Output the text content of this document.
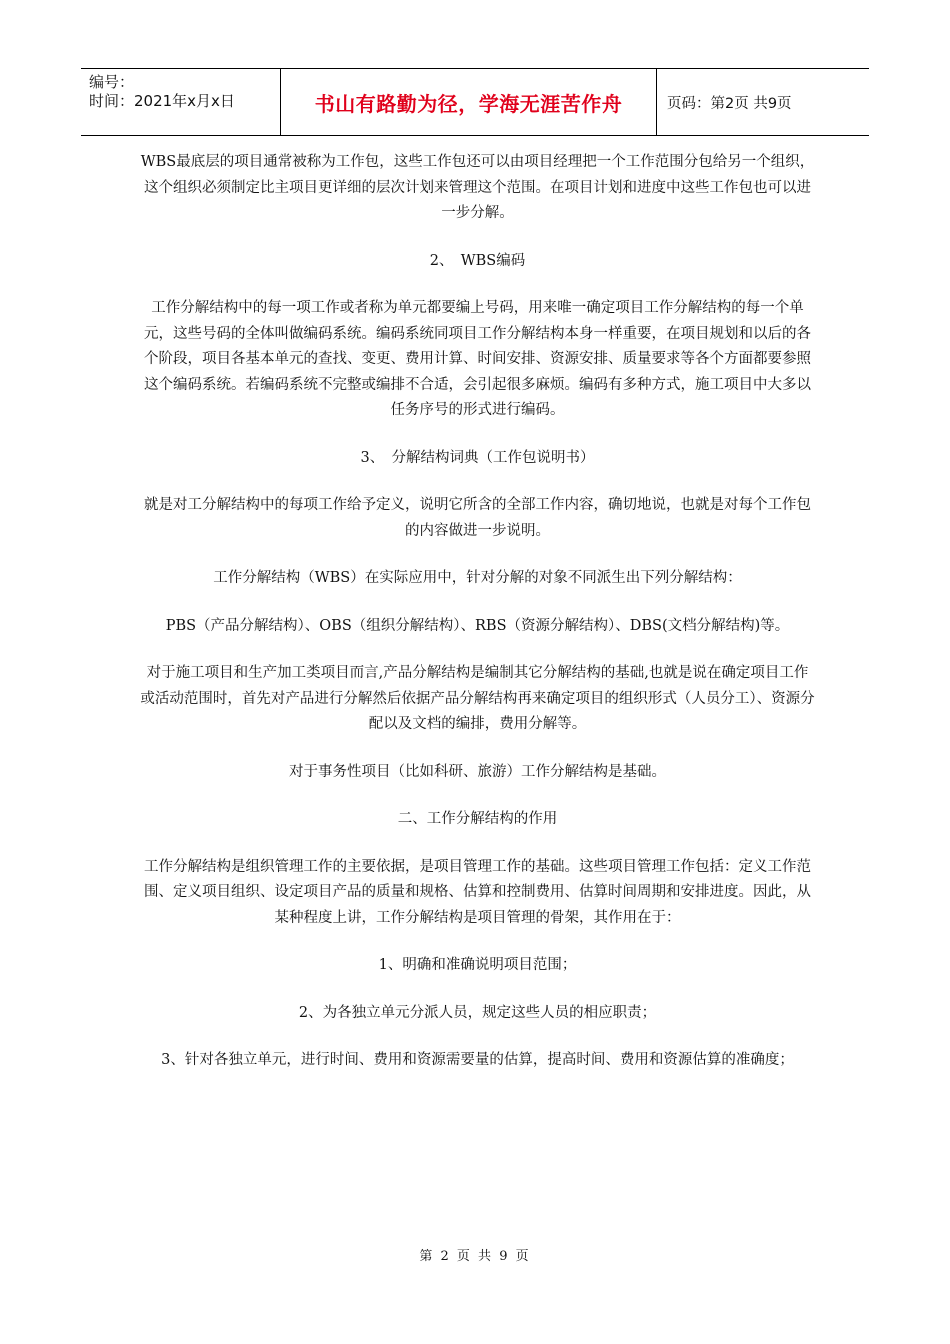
编号：
时间：2021年x月x日	书山有路勤为径，学海无涯苦作舟	页码：第2页 共9页

WBS最底层的项目通常被称为工作包，这些工作包还可以由项目经理把一个工作范围分包给另一个组织，这个组织必须制定比主项目更详细的层次计划来管理这个范围。在项目计划和进度中这些工作包也可以进一步分解。

2、　WBS编码

工作分解结构中的每一项工作或者称为单元都要编上号码，用来唯一确定项目工作分解结构的每一个单元，这些号码的全体叫做编码系统。编码系统同项目工作分解结构本身一样重要，在项目规划和以后的各个阶段，项目各基本单元的查找、变更、费用计算、时间安排、资源安排、质量要求等各个方面都要参照这个编码系统。若编码系统不完整或编排不合适，会引起很多麻烦。编码有多种方式，施工项目中大多以任务序号的形式进行编码。

3、　分解结构词典（工作包说明书）

就是对工分解结构中的每项工作给予定义，说明它所含的全部工作内容，确切地说，也就是对每个工作包的内容做进一步说明。

工作分解结构（WBS）在实际应用中，针对分解的对象不同派生出下列分解结构：

PBS（产品分解结构）、OBS（组织分解结构）、RBS（资源分解结构）、DBS(文档分解结构)等。

对于施工项目和生产加工类项目而言,产品分解结构是编制其它分解结构的基础,也就是说在确定项目工作或活动范围时，首先对产品进行分解然后依据产品分解结构再来确定项目的组织形式（人员分工）、资源分配以及文档的编排，费用分解等。

对于事务性项目（比如科研、旅游）工作分解结构是基础。

二、工作分解结构的作用

工作分解结构是组织管理工作的主要依据，是项目管理工作的基础。这些项目管理工作包括：定义工作范围、定义项目组织、设定项目产品的质量和规格、估算和控制费用、估算时间周期和安排进度。因此，从某种程度上讲，工作分解结构是项目管理的骨架，其作用在于：

1、明确和准确说明项目范围；

2、为各独立单元分派人员，规定这些人员的相应职责；

3、针对各独立单元，进行时间、费用和资源需要量的估算，提高时间、费用和资源估算的准确度；

第 2 页 共 9 页
